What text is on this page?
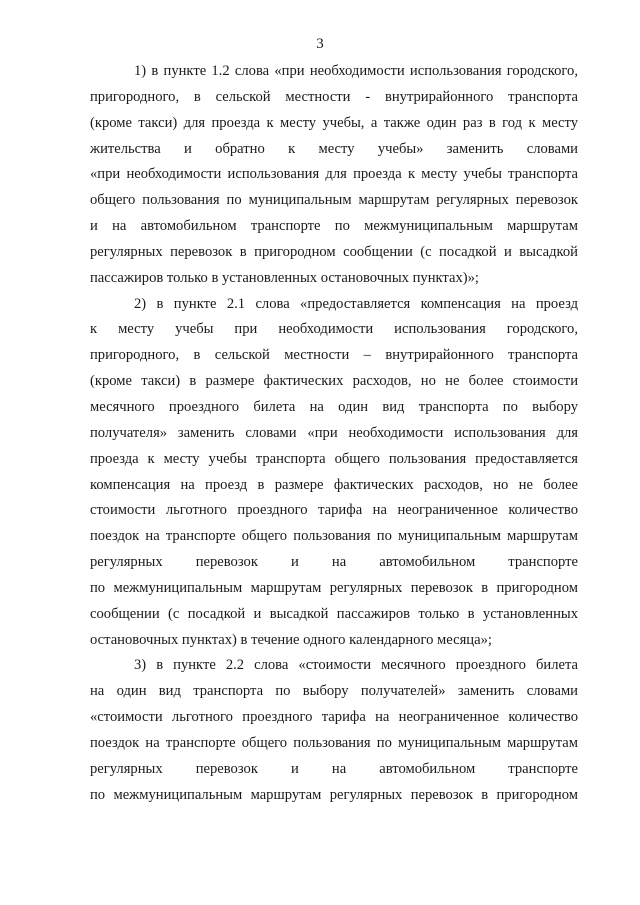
3
1) в пункте 1.2 слова «при необходимости использования городского,
пригородного, в сельской местности - внутрирайонного транспорта
(кроме такси) для проезда к месту учебы, а также один раз в год к месту
жительства и обратно к месту учебы» заменить словами
«при необходимости использования для проезда к месту учебы транспорта
общего пользования по муниципальным маршрутам регулярных перевозок
и на автомобильном транспорте по межмуниципальным маршрутам
регулярных перевозок в пригородном сообщении (с посадкой и высадкой
пассажиров только в установленных остановочных пунктах)»;
2) в пункте 2.1 слова «предоставляется компенсация на проезд
к месту учебы при необходимости использования городского,
пригородного, в сельской местности – внутрирайонного транспорта
(кроме такси) в размере фактических расходов, но не более стоимости
месячного проездного билета на один вид транспорта по выбору
получателя» заменить словами «при необходимости использования для
проезда к месту учебы транспорта общего пользования предоставляется
компенсация на проезд в размере фактических расходов, но не более
стоимости льготного проездного тарифа на неограниченное количество
поездок на транспорте общего пользования по муниципальным маршрутам
регулярных перевозок и на автомобильном транспорте
по межмуниципальным маршрутам регулярных перевозок в пригородном
сообщении (с посадкой и высадкой пассажиров только в установленных
остановочных пунктах) в течение одного календарного месяца»;
3) в пункте 2.2 слова «стоимости месячного проездного билета
на один вид транспорта по выбору получателей» заменить словами
«стоимости льготного проездного тарифа на неограниченное количество
поездок на транспорте общего пользования по муниципальным маршрутам
регулярных перевозок и на автомобильном транспорте
по межмуниципальным маршрутам регулярных перевозок в пригородном
